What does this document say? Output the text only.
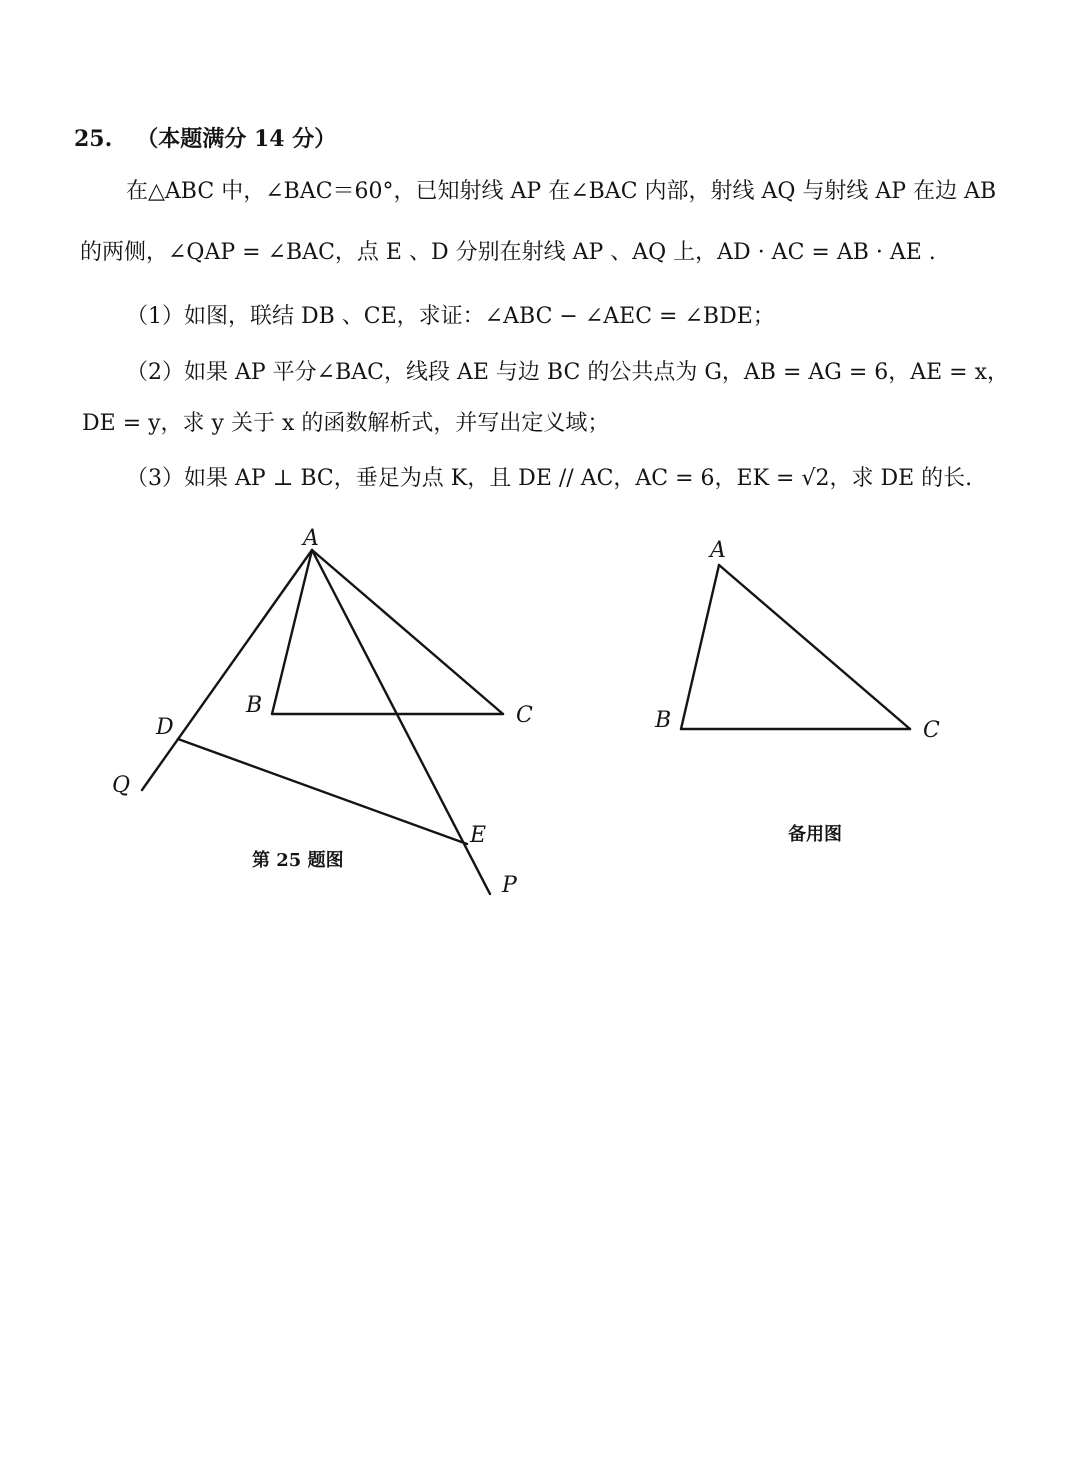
25. （本题满分 14 分）
在△ABC 中，∠BAC＝60°，已知射线 AP 在∠BAC 内部，射线 AQ 与射线 AP 在边 AB
的两侧，∠QAP = ∠BAC，点 E 、D 分别在射线 AP 、AQ 上，AD · AC = AB · AE .
（1）如图，联结 DB 、CE，求证：∠ABC − ∠AEC = ∠BDE；
（2）如果 AP 平分∠BAC，线段 AE 与边 BC 的公共点为 G，AB = AG = 6，AE = x，
DE = y，求 y 关于 x 的函数解析式，并写出定义域；
（3）如果 AP ⊥ BC，垂足为点 K，且 DE // AC，AC = 6，EK = √2，求 DE 的长.
A
B	C
D
E
Q
P
A
B	C
第 25 题图
备用图
